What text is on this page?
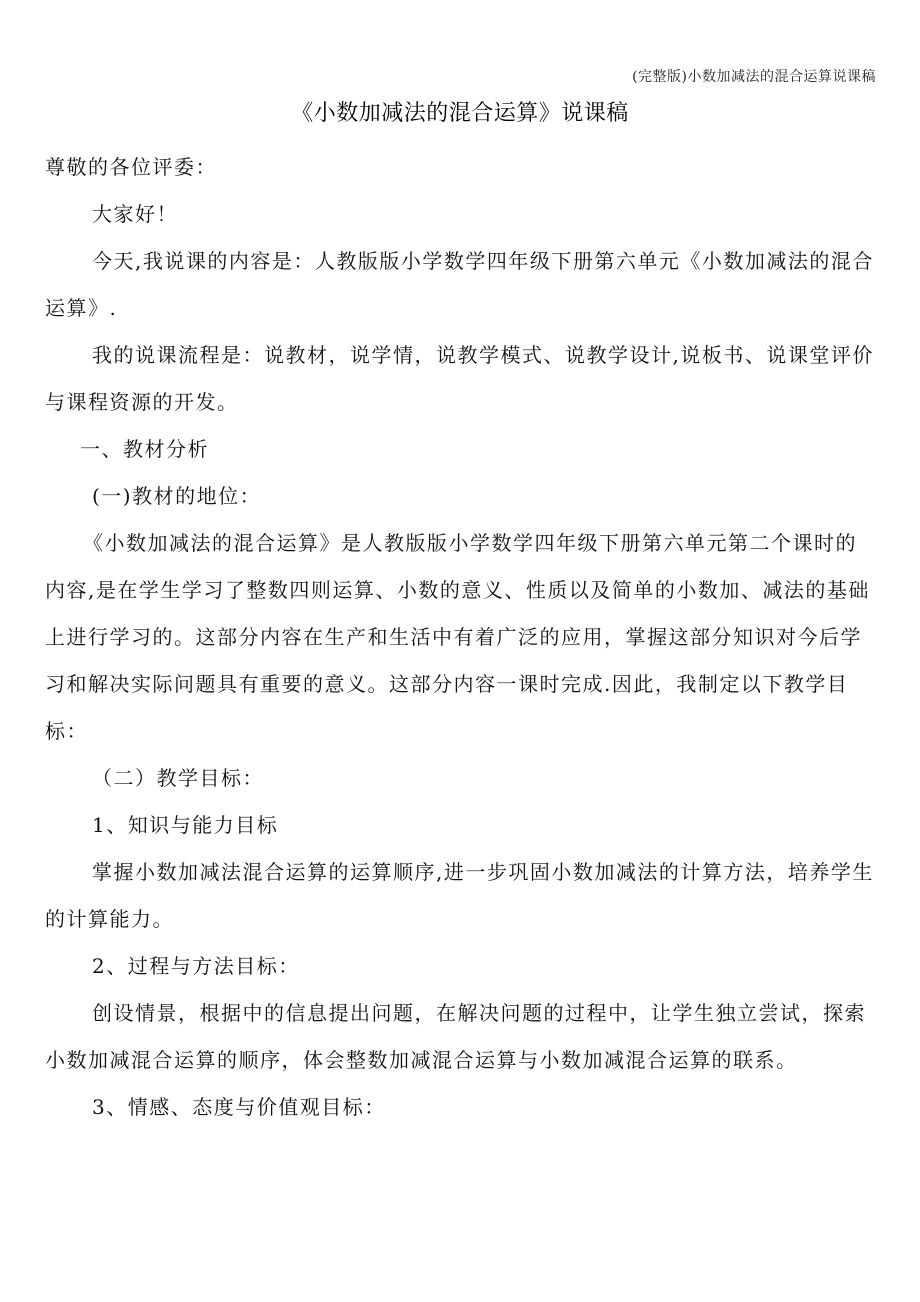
(完整版)小数加减法的混合运算说课稿
《小数加减法的混合运算》说课稿

尊敬的各位评委：

大家好！

今天,我说课的内容是：人教版版小学数学四年级下册第六单元《小数加减法的混合运算》.

我的说课流程是：说教材，说学情，说教学模式、说教学设计,说板书、说课堂评价与课程资源的开发。

一、教材分析

(一)教材的地位：

《小数加减法的混合运算》是人教版版小学数学四年级下册第六单元第二个课时的内容,是在学生学习了整数四则运算、小数的意义、性质以及简单的小数加、减法的基础上进行学习的。这部分内容在生产和生活中有着广泛的应用，掌握这部分知识对今后学习和解决实际问题具有重要的意义。这部分内容一课时完成.因此，我制定以下教学目标：

（二）教学目标：

1、知识与能力目标

掌握小数加减法混合运算的运算顺序,进一步巩固小数加减法的计算方法，培养学生的计算能力。

2、过程与方法目标：

创设情景，根据中的信息提出问题，在解决问题的过程中，让学生独立尝试，探索小数加减混合运算的顺序，体会整数加减混合运算与小数加减混合运算的联系。

3、情感、态度与价值观目标：
